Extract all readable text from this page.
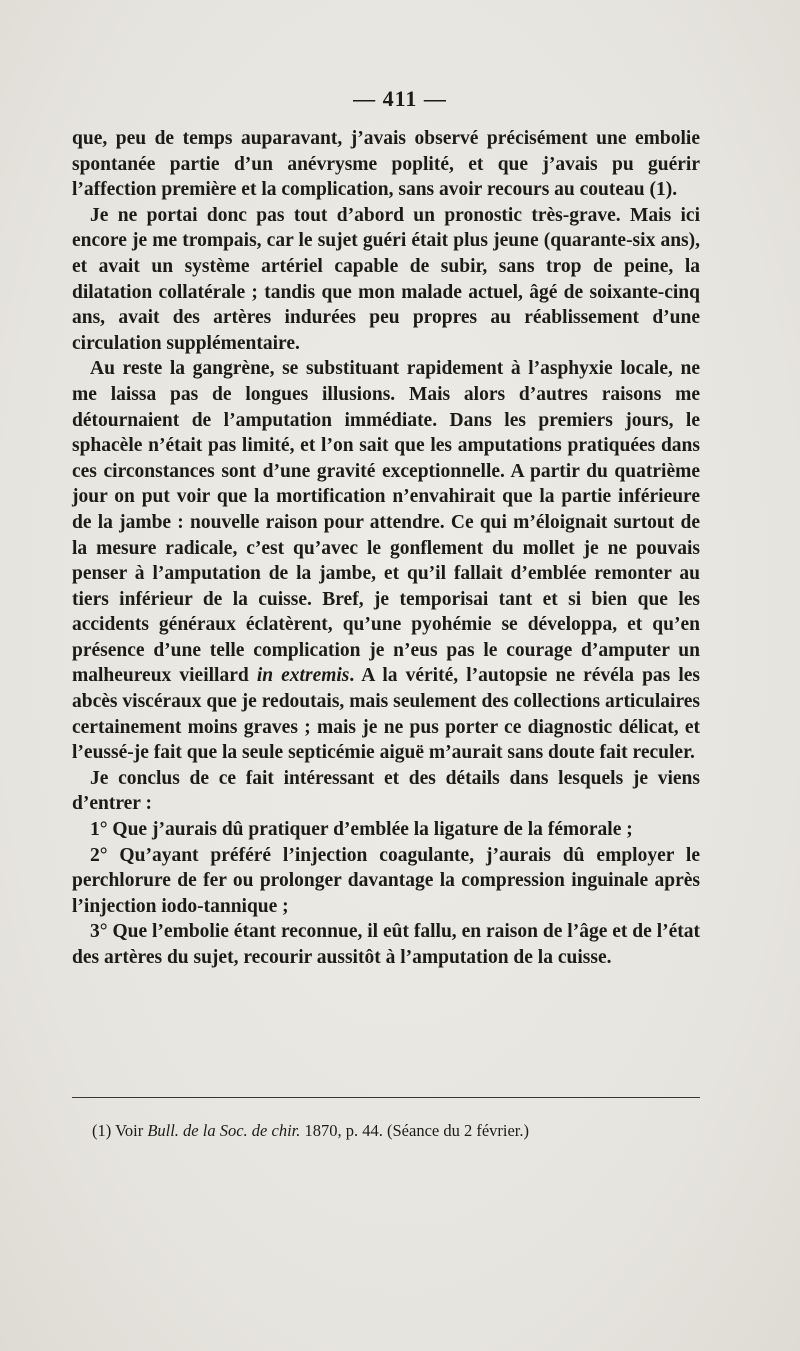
— 411 —

que, peu de temps auparavant, j’avais observé précisément une embolie spontanée partie d’un anévrysme poplité, et que j’avais pu guérir l’affection première et la complication, sans avoir recours au couteau (1).

Je ne portai donc pas tout d’abord un pronostic très-grave. Mais ici encore je me trompais, car le sujet guéri était plus jeune (quarante-six ans), et avait un système artériel capable de subir, sans trop de peine, la dilatation collatérale ; tandis que mon malade actuel, âgé de soixante-cinq ans, avait des artères indurées peu propres au réablissement d’une circulation supplémentaire.

Au reste la gangrène, se substituant rapidement à l’asphyxie locale, ne me laissa pas de longues illusions. Mais alors d’autres raisons me détournaient de l’amputation immédiate. Dans les premiers jours, le sphacèle n’était pas limité, et l’on sait que les amputations pratiquées dans ces circonstances sont d’une gravité exceptionnelle. A partir du quatrième jour on put voir que la mortification n’envahirait que la partie inférieure de la jambe : nouvelle raison pour attendre. Ce qui m’éloignait surtout de la mesure radicale, c’est qu’avec le gonflement du mollet je ne pouvais penser à l’amputation de la jambe, et qu’il fallait d’emblée remonter au tiers inférieur de la cuisse. Bref, je temporisai tant et si bien que les accidents généraux éclatèrent, qu’une pyohémie se développa, et qu’en présence d’une telle complication je n’eus pas le courage d’amputer un malheureux vieillard in extremis. A la vérité, l’autopsie ne révéla pas les abcès viscéraux que je redoutais, mais seulement des collections articulaires certainement moins graves ; mais je ne pus porter ce diagnostic délicat, et l’eussé-je fait que la seule septicémie aiguë m’aurait sans doute fait reculer.

Je conclus de ce fait intéressant et des détails dans lesquels je viens d’entrer :

1° Que j’aurais dû pratiquer d’emblée la ligature de la fémorale ;

2° Qu’ayant préféré l’injection coagulante, j’aurais dû employer le perchlorure de fer ou prolonger davantage la compression inguinale après l’injection iodo-tannique ;

3° Que l’embolie étant reconnue, il eût fallu, en raison de l’âge et de l’état des artères du sujet, recourir aussitôt à l’amputation de la cuisse.

(1) Voir Bull. de la Soc. de chir. 1870, p. 44. (Séance du 2 février.)
